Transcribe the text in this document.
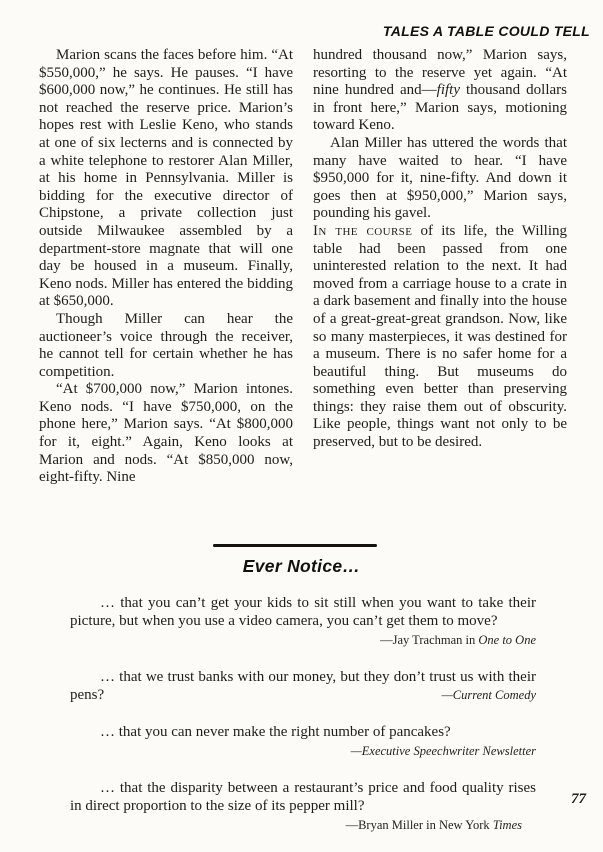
TALES A TABLE COULD TELL

Marion scans the faces before him. “At $550,000,” he says. He pauses. “I have $600,000 now,” he continues. He still has not reached the reserve price. Marion’s hopes rest with Leslie Keno, who stands at one of six lecterns and is connected by a white telephone to restorer Alan Miller, at his home in Pennsylvania. Miller is bidding for the executive director of Chipstone, a private collection just outside Milwaukee assembled by a department-store magnate that will one day be housed in a museum. Finally, Keno nods. Miller has entered the bidding at $650,000.

Though Miller can hear the auctioneer’s voice through the receiver, he cannot tell for certain whether he has competition.

“At $700,000 now,” Marion intones. Keno nods. “I have $750,000, on the phone here,” Marion says. “At $800,000 for it, eight.” Again, Keno looks at Marion and nods. “At $850,000 now, eight-fifty. Nine

hundred thousand now,” Marion says, resorting to the reserve yet again. “At nine hundred and—fifty thousand dollars in front here,” Marion says, motioning toward Keno.

Alan Miller has uttered the words that many have waited to hear. “I have $950,000 for it, nine-fifty. And down it goes then at $950,000,” Marion says, pounding his gavel.

In the course of its life, the Willing table had been passed from one uninterested relation to the next. It had moved from a carriage house to a crate in a dark basement and finally into the house of a great-great-great grandson. Now, like so many masterpieces, it was destined for a museum. There is no safer home for a beautiful thing. But museums do something even better than preserving things: they raise them out of obscurity. Like people, things want not only to be preserved, but to be desired.

Ever Notice…

… that you can’t get your kids to sit still when you want to take their picture, but when you use a video camera, you can’t get them to move?

—Jay Trachman in One to One

… that we trust banks with our money, but they don’t trust us with their pens?	—Current Comedy

… that you can never make the right number of pancakes?

—Executive Speechwriter Newsletter

… that the disparity between a restaurant’s price and food quality rises in direct proportion to the size of its pepper mill?

—Bryan Miller in New York Times
77
